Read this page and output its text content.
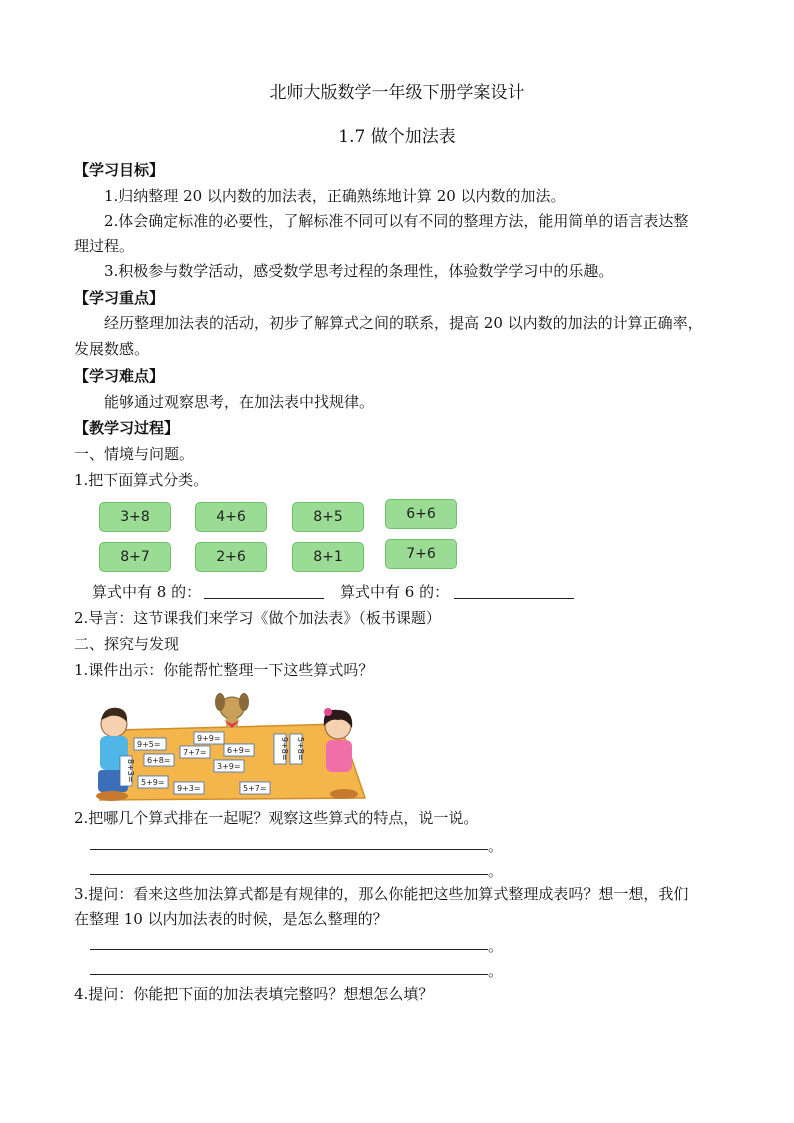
北师大版数学一年级下册学案设计
1.7 做个加法表
【学习目标】
1.归纳整理 20 以内数的加法表，正确熟练地计算 20 以内数的加法。
2.体会确定标准的必要性，了解标准不同可以有不同的整理方法，能用简单的语言表达整
理过程。
3.积极参与数学活动，感受数学思考过程的条理性，体验数学学习中的乐趣。
【学习重点】
经历整理加法表的活动，初步了解算式之间的联系，提高 20 以内数的加法的计算正确率，
发展数感。
【学习难点】
能够通过观察思考，在加法表中找规律。
【教学习过程】
一、情境与问题。
1.把下面算式分类。
3+8	4+6	8+5	6+6
8+7	2+6	8+1	7+6
算式中有 8 的：	算式中有 6 的：
2.导言：这节课我们来学习《做个加法表》（板书课题）
二、探究与发现
1.课件出示：你能帮忙整理一下这些算式吗？
9+5=
7+7=
9+9=
6+9=
6+8=
3+9=
5+9=
9+3=	5+7=
9+8= 5+8=
8+3=
2.把哪几个算式排在一起呢？观察这些算式的特点，说一说。
。
。
3.提问：看来这些加法算式都是有规律的，那么你能把这些加算式整理成表吗？想一想，我们
在整理 10 以内加法表的时候，是怎么整理的？
。
。
4.提问：你能把下面的加法表填完整吗？想想怎么填？
